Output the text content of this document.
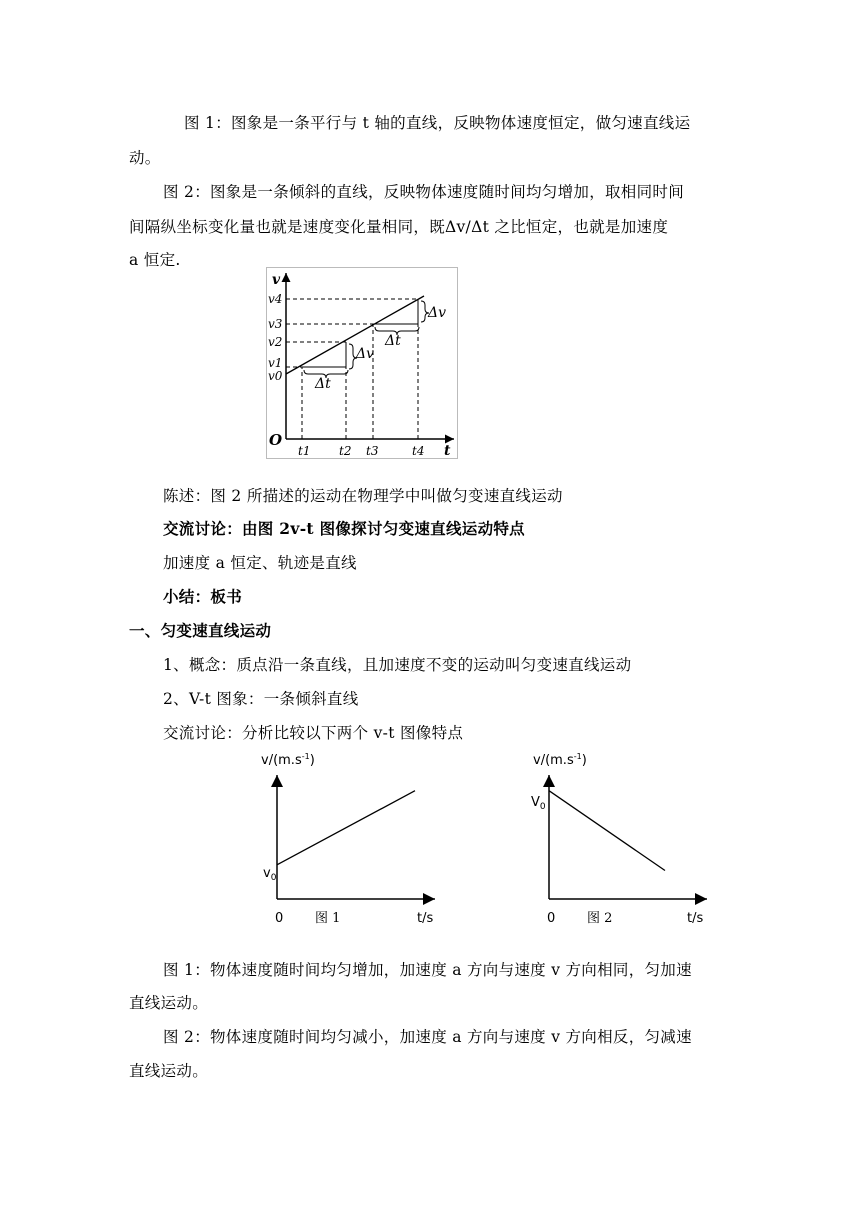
图 1：图象是一条平行与 t 轴的直线，反映物体速度恒定，做匀速直线运
动。
图 2：图象是一条倾斜的直线，反映物体速度随时间均匀增加，取相同时间
间隔纵坐标变化量也就是速度变化量相同，既Δv/Δt 之比恒定，也就是加速度
a 恒定.
v
t
O
v4
v3
v2
v1
v0
t1 t2 t3	t4
Δt
Δt
Δv
Δv
陈述：图 2 所描述的运动在物理学中叫做匀变速直线运动
交流讨论：由图 2v-t 图像探讨匀变速直线运动特点
加速度 a 恒定、轨迹是直线
小结：板书
一、匀变速直线运动
1、概念：质点沿一条直线，且加速度不变的运动叫匀变速直线运动
2、V-t 图象：一条倾斜直线
交流讨论：分析比较以下两个 v-t 图像特点
$v/(m.s^{-1})$
$v_0$
0 图 1	t/s
$v/(m.s^{-1})$
$V_0$
0 图 2	t/s
图 1：物体速度随时间均匀增加，加速度 a 方向与速度 v 方向相同，匀加速
直线运动。
图 2：物体速度随时间均匀减小，加速度 a 方向与速度 v 方向相反，匀减速
直线运动。
